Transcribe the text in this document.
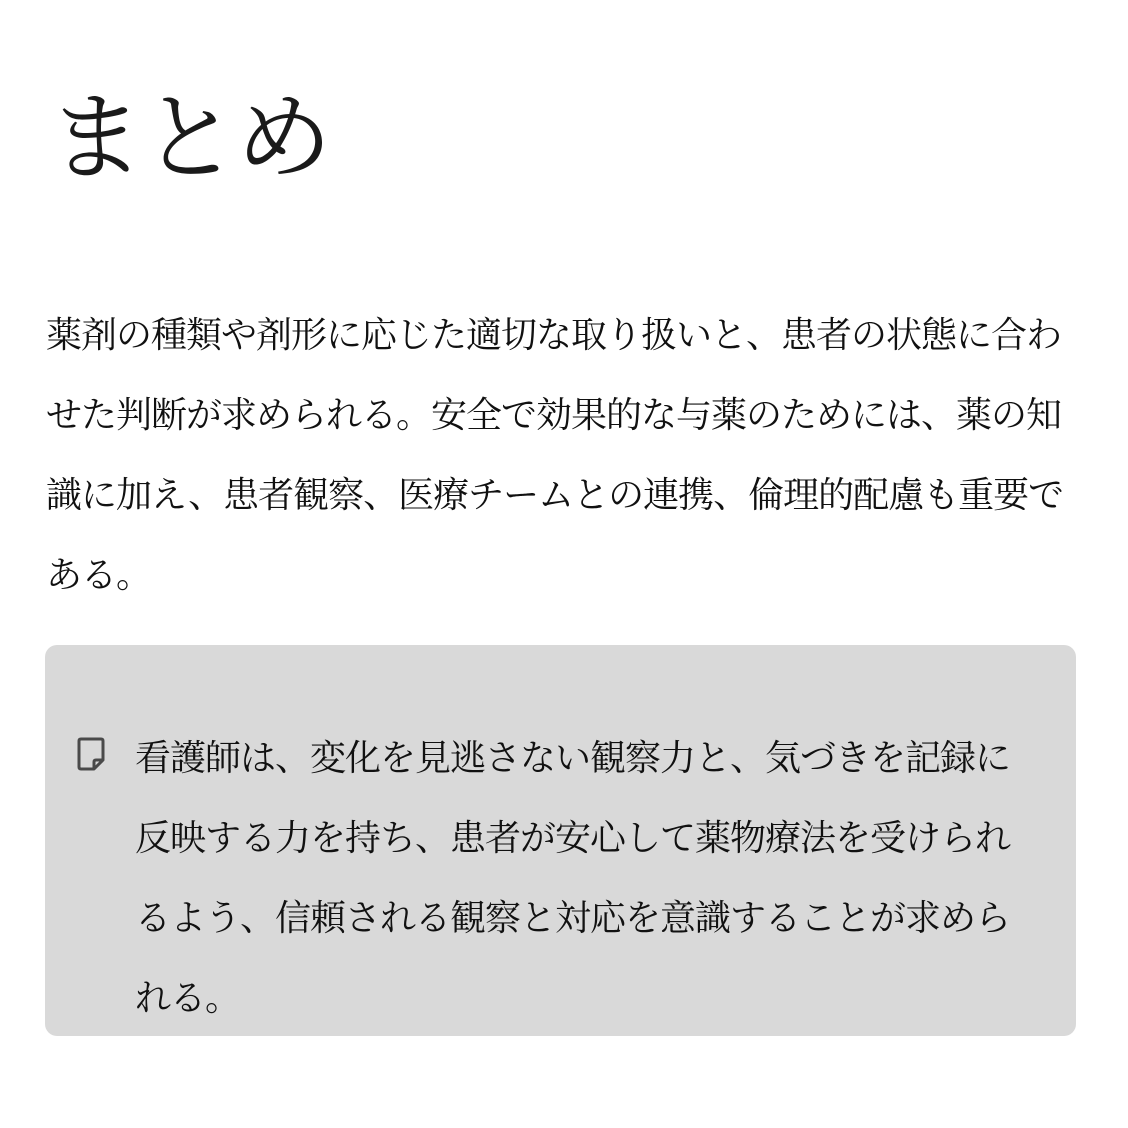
まとめ

薬剤の種類や剤形に応じた適切な取り扱いと、患者の状態に合わせた判断が求められる。安全で効果的な与薬のためには、薬の知識に加え、患者観察、医療チームとの連携、倫理的配慮も重要である。

看護師は、変化を見逃さない観察力と、気づきを記録に反映する力を持ち、患者が安心して薬物療法を受けられるよう、信頼される観察と対応を意識することが求められる。
